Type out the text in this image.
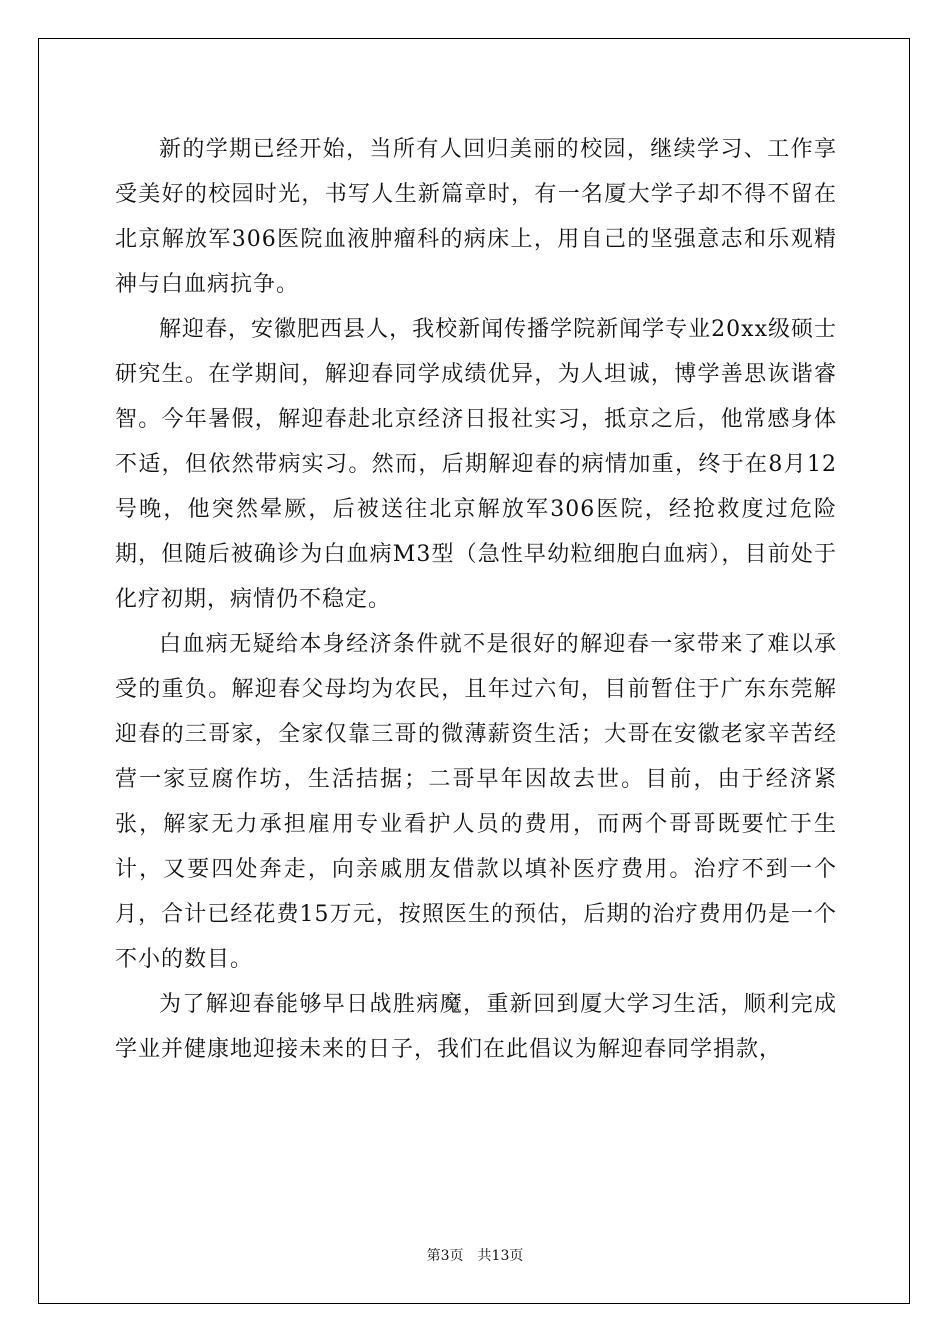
新的学期已经开始，当所有人回归美丽的校园，继续学习、工作享受美好的校园时光，书写人生新篇章时，有一名厦大学子却不得不留在北京解放军306医院血液肿瘤科的病床上，用自己的坚强意志和乐观精神与白血病抗争。

解迎春，安徽肥西县人，我校新闻传播学院新闻学专业20xx级硕士研究生。在学期间，解迎春同学成绩优异，为人坦诚，博学善思诙谐睿智。今年暑假，解迎春赴北京经济日报社实习，抵京之后，他常感身体不适，但依然带病实习。然而，后期解迎春的病情加重，终于在8月12号晚，他突然晕厥，后被送往北京解放军306医院，经抢救度过危险期，但随后被确诊为白血病M3型（急性早幼粒细胞白血病），目前处于化疗初期，病情仍不稳定。

白血病无疑给本身经济条件就不是很好的解迎春一家带来了难以承受的重负。解迎春父母均为农民，且年过六旬，目前暂住于广东东莞解迎春的三哥家，全家仅靠三哥的微薄薪资生活；大哥在安徽老家辛苦经营一家豆腐作坊，生活拮据；二哥早年因故去世。目前，由于经济紧张，解家无力承担雇用专业看护人员的费用，而两个哥哥既要忙于生计，又要四处奔走，向亲戚朋友借款以填补医疗费用。治疗不到一个月，合计已经花费15万元，按照医生的预估，后期的治疗费用仍是一个不小的数目。

为了解迎春能够早日战胜病魔，重新回到厦大学习生活，顺利完成学业并健康地迎接未来的日子，我们在此倡议为解迎春同学捐款，

第3页 共13页
